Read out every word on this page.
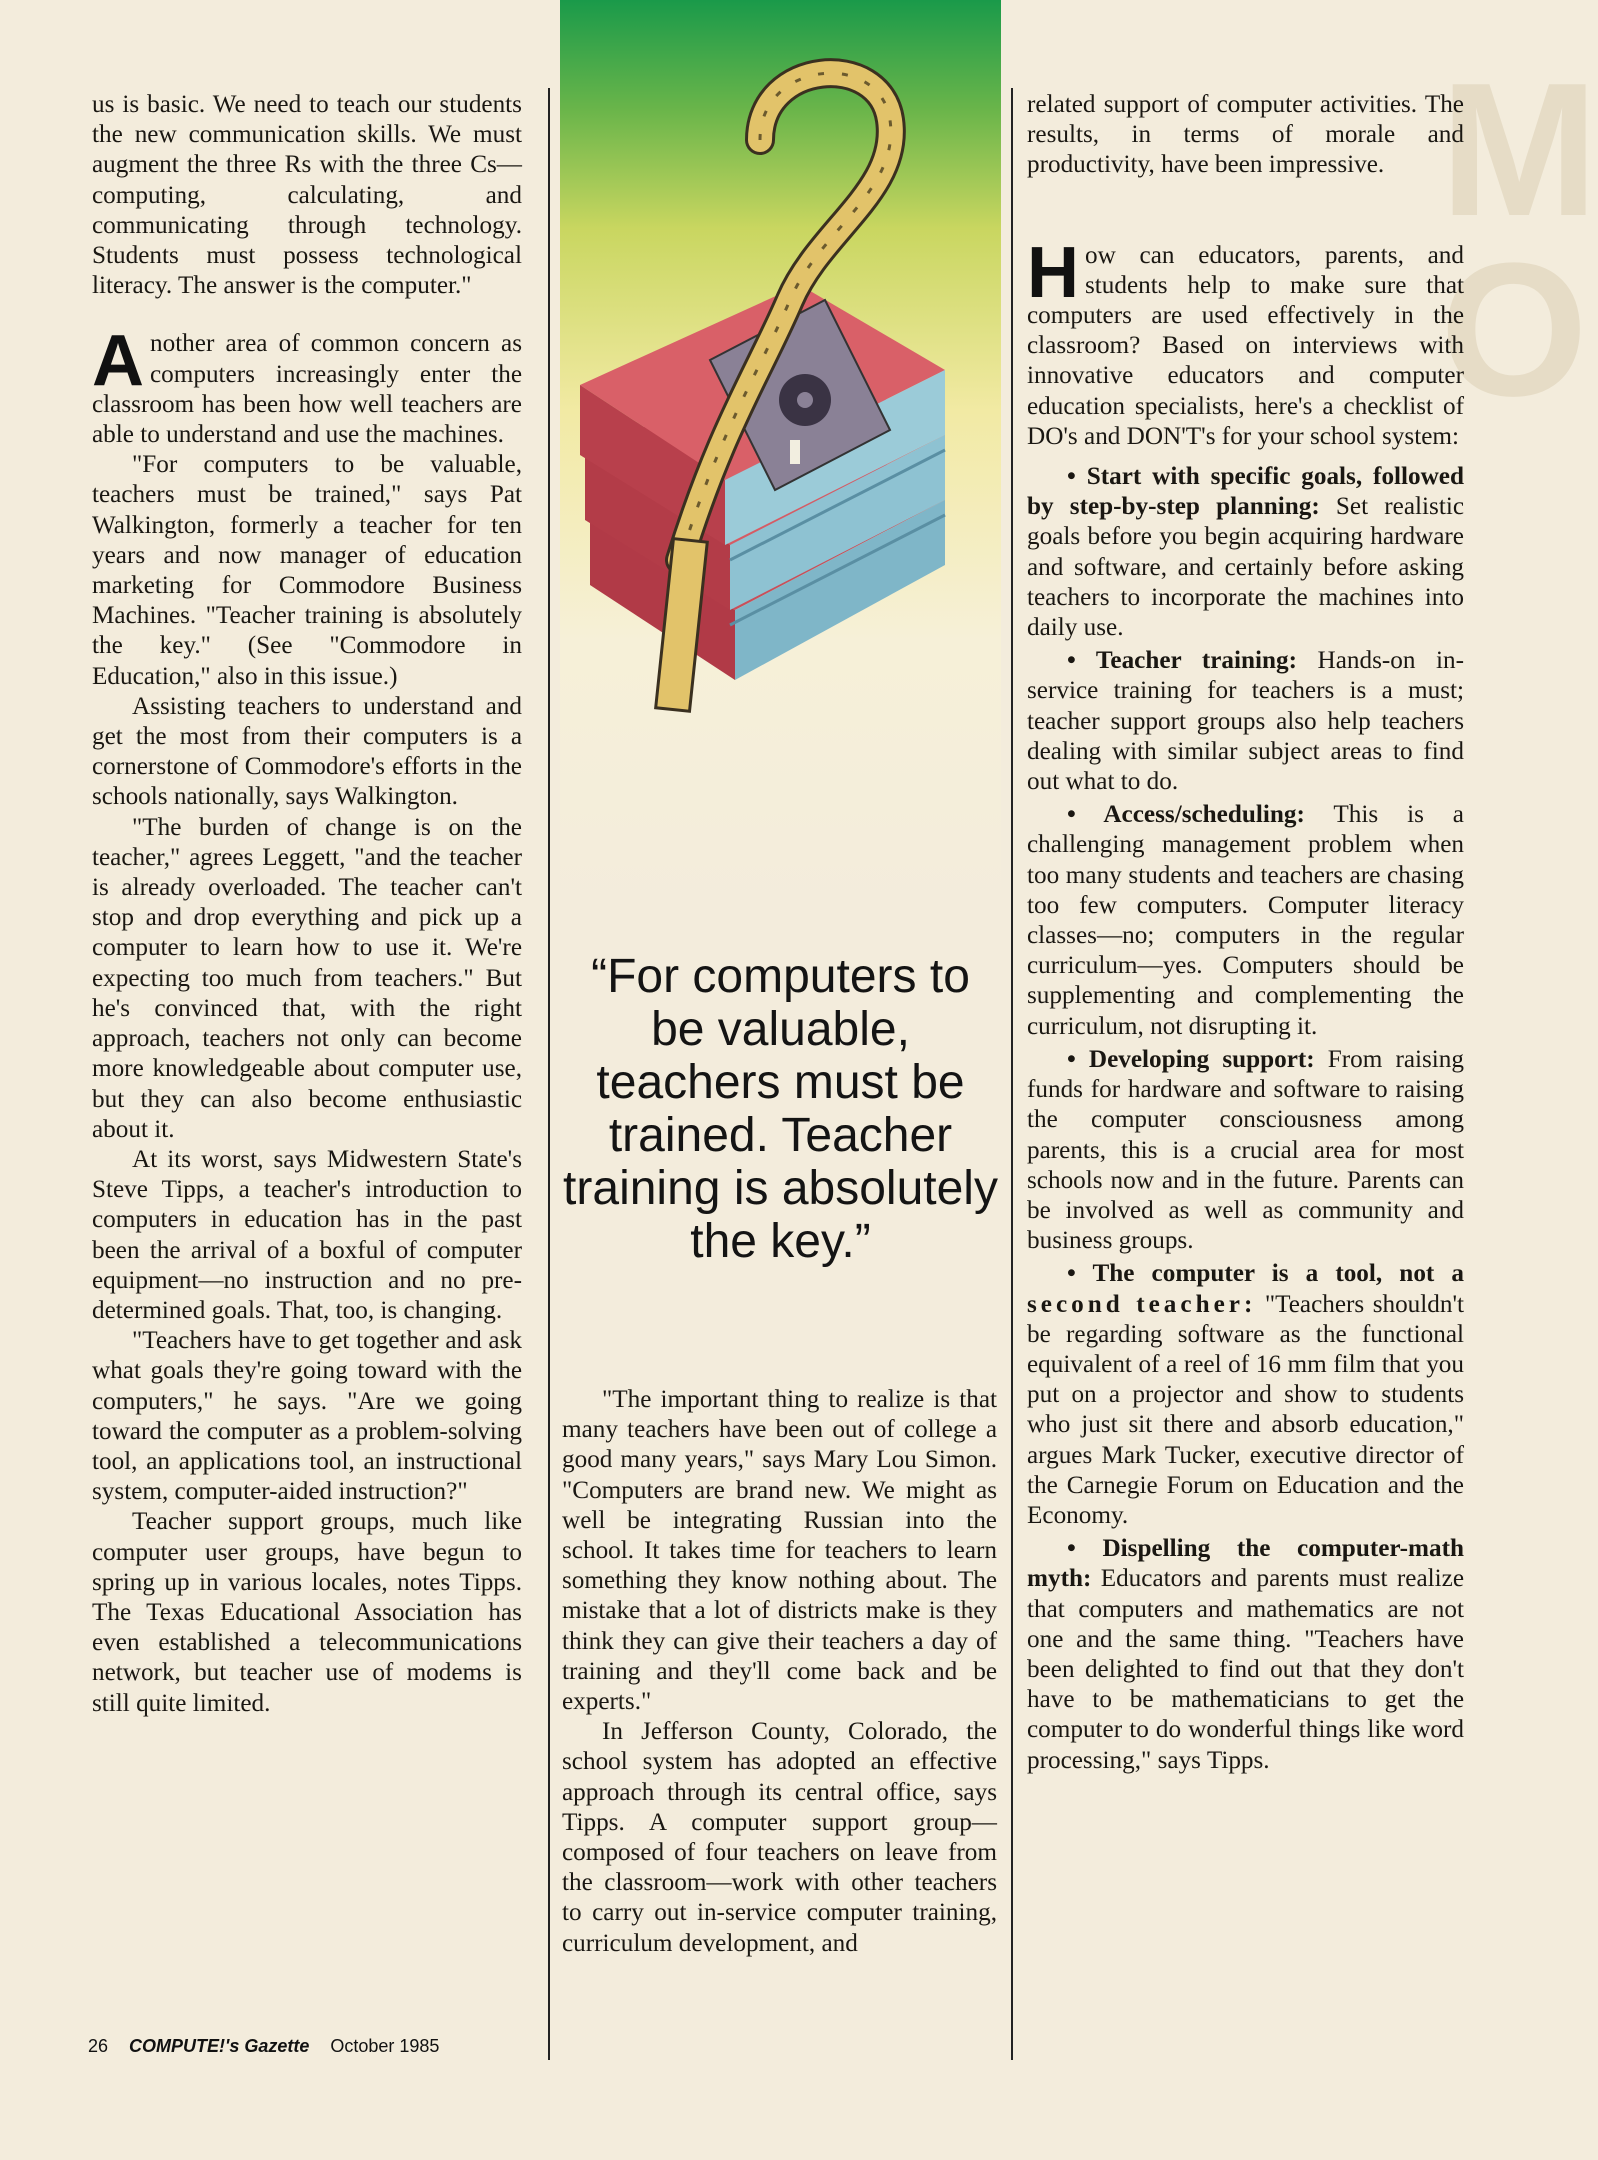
M
O

us is basic. We need to teach our students the new communication skills. We must augment the three Rs with the three Cs—computing, calculating, and communicating through technology. Students must possess technological literacy. The answer is the computer."

Another area of common concern as computers increasingly enter the classroom has been how well teachers are able to understand and use the machines.

"For computers to be valuable, teachers must be trained," says Pat Walkington, formerly a teacher for ten years and now manager of education marketing for Commodore Business Machines. "Teacher training is absolutely the key." (See "Commodore in Education," also in this issue.)

Assisting teachers to understand and get the most from their computers is a cornerstone of Commodore's efforts in the schools nationally, says Walkington.

"The burden of change is on the teacher," agrees Leggett, "and the teacher is already overloaded. The teacher can't stop and drop everything and pick up a computer to learn how to use it. We're expecting too much from teachers." But he's convinced that, with the right approach, teachers not only can become more knowledgeable about computer use, but they can also become enthusiastic about it.

At its worst, says Midwestern State's Steve Tipps, a teacher's introduction to computers in education has in the past been the arrival of a boxful of computer equipment—no instruction and no predetermined goals. That, too, is changing.

"Teachers have to get together and ask what goals they're going toward with the computers," he says. "Are we going toward the computer as a problem-solving tool, an applications tool, an instructional system, computer-aided instruction?"

Teacher support groups, much like computer user groups, have begun to spring up in various locales, notes Tipps. The Texas Educational Association has even established a telecommunications network, but teacher use of modems is still quite limited.

“For computers to be valuable, teachers must be trained. Teacher training is absolutely the key.”

"The important thing to realize is that many teachers have been out of college a good many years," says Mary Lou Simon. "Computers are brand new. We might as well be integrating Russian into the school. It takes time for teachers to learn something they know nothing about. The mistake that a lot of districts make is they think they can give their teachers a day of training and they'll come back and be experts."

In Jefferson County, Colorado, the school system has adopted an effective approach through its central office, says Tipps. A computer support group—composed of four teachers on leave from the classroom—work with other teachers to carry out in-service computer training, curriculum development, and

related support of computer activities. The results, in terms of morale and productivity, have been impressive.

How can educators, parents, and students help to make sure that computers are used effectively in the classroom? Based on interviews with innovative educators and computer education specialists, here's a checklist of DO's and DON'T's for your school system:

• Start with specific goals, followed by step-by-step planning: Set realistic goals before you begin acquiring hardware and software, and certainly before asking teachers to incorporate the machines into daily use.

• Teacher training: Hands-on in-service training for teachers is a must; teacher support groups also help teachers dealing with similar subject areas to find out what to do.

• Access/scheduling: This is a challenging management problem when too many students and teachers are chasing too few computers. Computer literacy classes—no; computers in the regular curriculum—yes. Computers should be supplementing and complementing the curriculum, not disrupting it.

• Developing support: From raising funds for hardware and software to raising the computer consciousness among parents, this is a crucial area for most schools now and in the future. Parents can be involved as well as community and business groups.

• The computer is a tool, not a second teacher: "Teachers shouldn't be regarding software as the functional equivalent of a reel of 16 mm film that you put on a projector and show to students who just sit there and absorb education," argues Mark Tucker, executive director of the Carnegie Forum on Education and the Economy.

• Dispelling the computer-math myth: Educators and parents must realize that computers and mathematics are not one and the same thing. "Teachers have been delighted to find out that they don't have to be mathematicians to get the computer to do wonderful things like word processing," says Tipps.

26 COMPUTE!'s Gazette October 1985
